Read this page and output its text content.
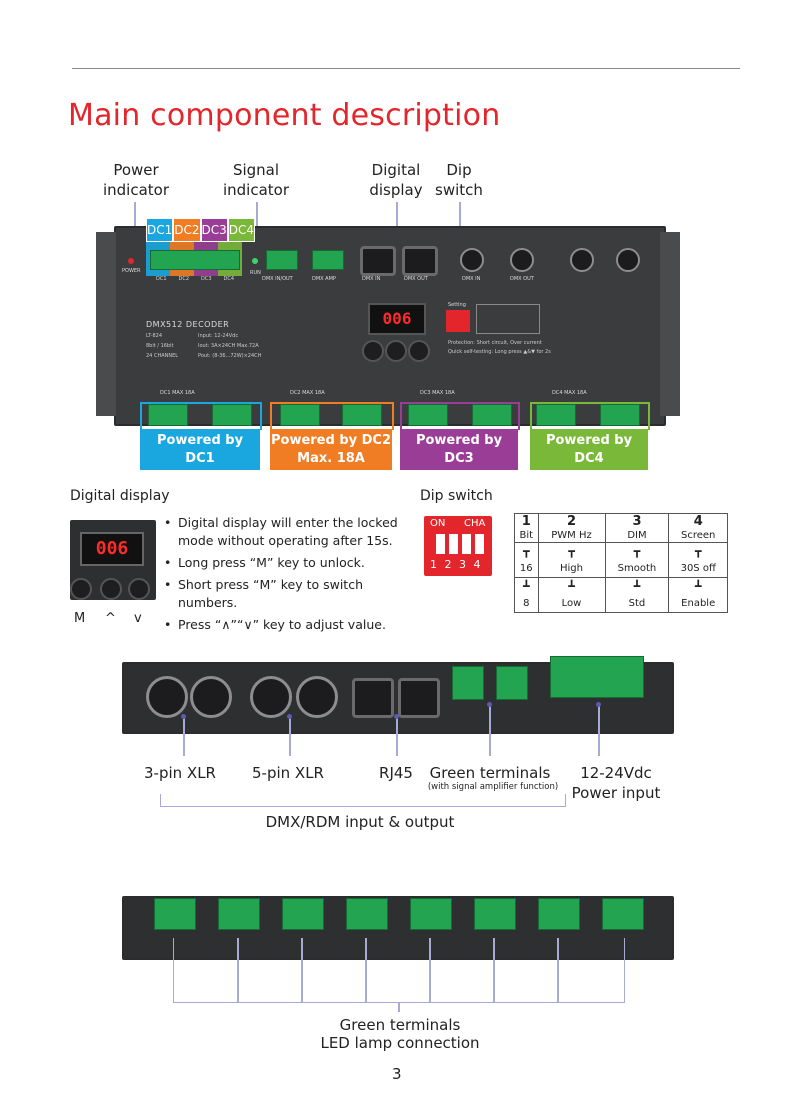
Main component description
Power
indicator
Signal
indicator
Digital
display
Dip
switch
DC1 DC2 DC3 DC4
POWER	RUN
DC1 DC2 DC3 DC4	DMX IN/OUT	DMX AMP	DMX IN	DMX OUT	DMX IN	DMX OUT
DMX512 DECODER
LT-824
8bit / 16bit
24 CHANNEL
Input: 12-24Vdc
Iout: 3A×24CH Max.72A
Pout: (8-36...72W)×24CH
006
Setting
Protection: Short circuit, Over current
Quick self-testing: Long press ▲&▼ for 2s
DC1 MAX 18A	DC2 MAX 18A	DC3 MAX 18A	DC4 MAX 18A
Powered by DC1
Max. 18A
Powered by DC2
Max. 18A
Powered by DC3
Max. 18A
Powered by DC4
Max. 18A
Digital display
006
M ^ v
• Digital display will enter the locked mode without operating after 15s.
• Long press “M” key to unlock.
• Short press “M” key to switch numbers.
• Press “∧”“∨” key to adjust value.
Dip switch
ON CHA
1 2 3 4
1	2	3	4
Bit	PWM Hz	DIM	Screen
┳	┳	┳	┳
16	High	Smooth	30S off
┻	┻	┻	┻
8	Low	Std	Enable
3-pin XLR	5-pin XLR	RJ45	Green terminals
(with signal amplifier function)
12-24Vdc
Power input
DMX/RDM input & output
Green terminals
LED lamp connection
3
